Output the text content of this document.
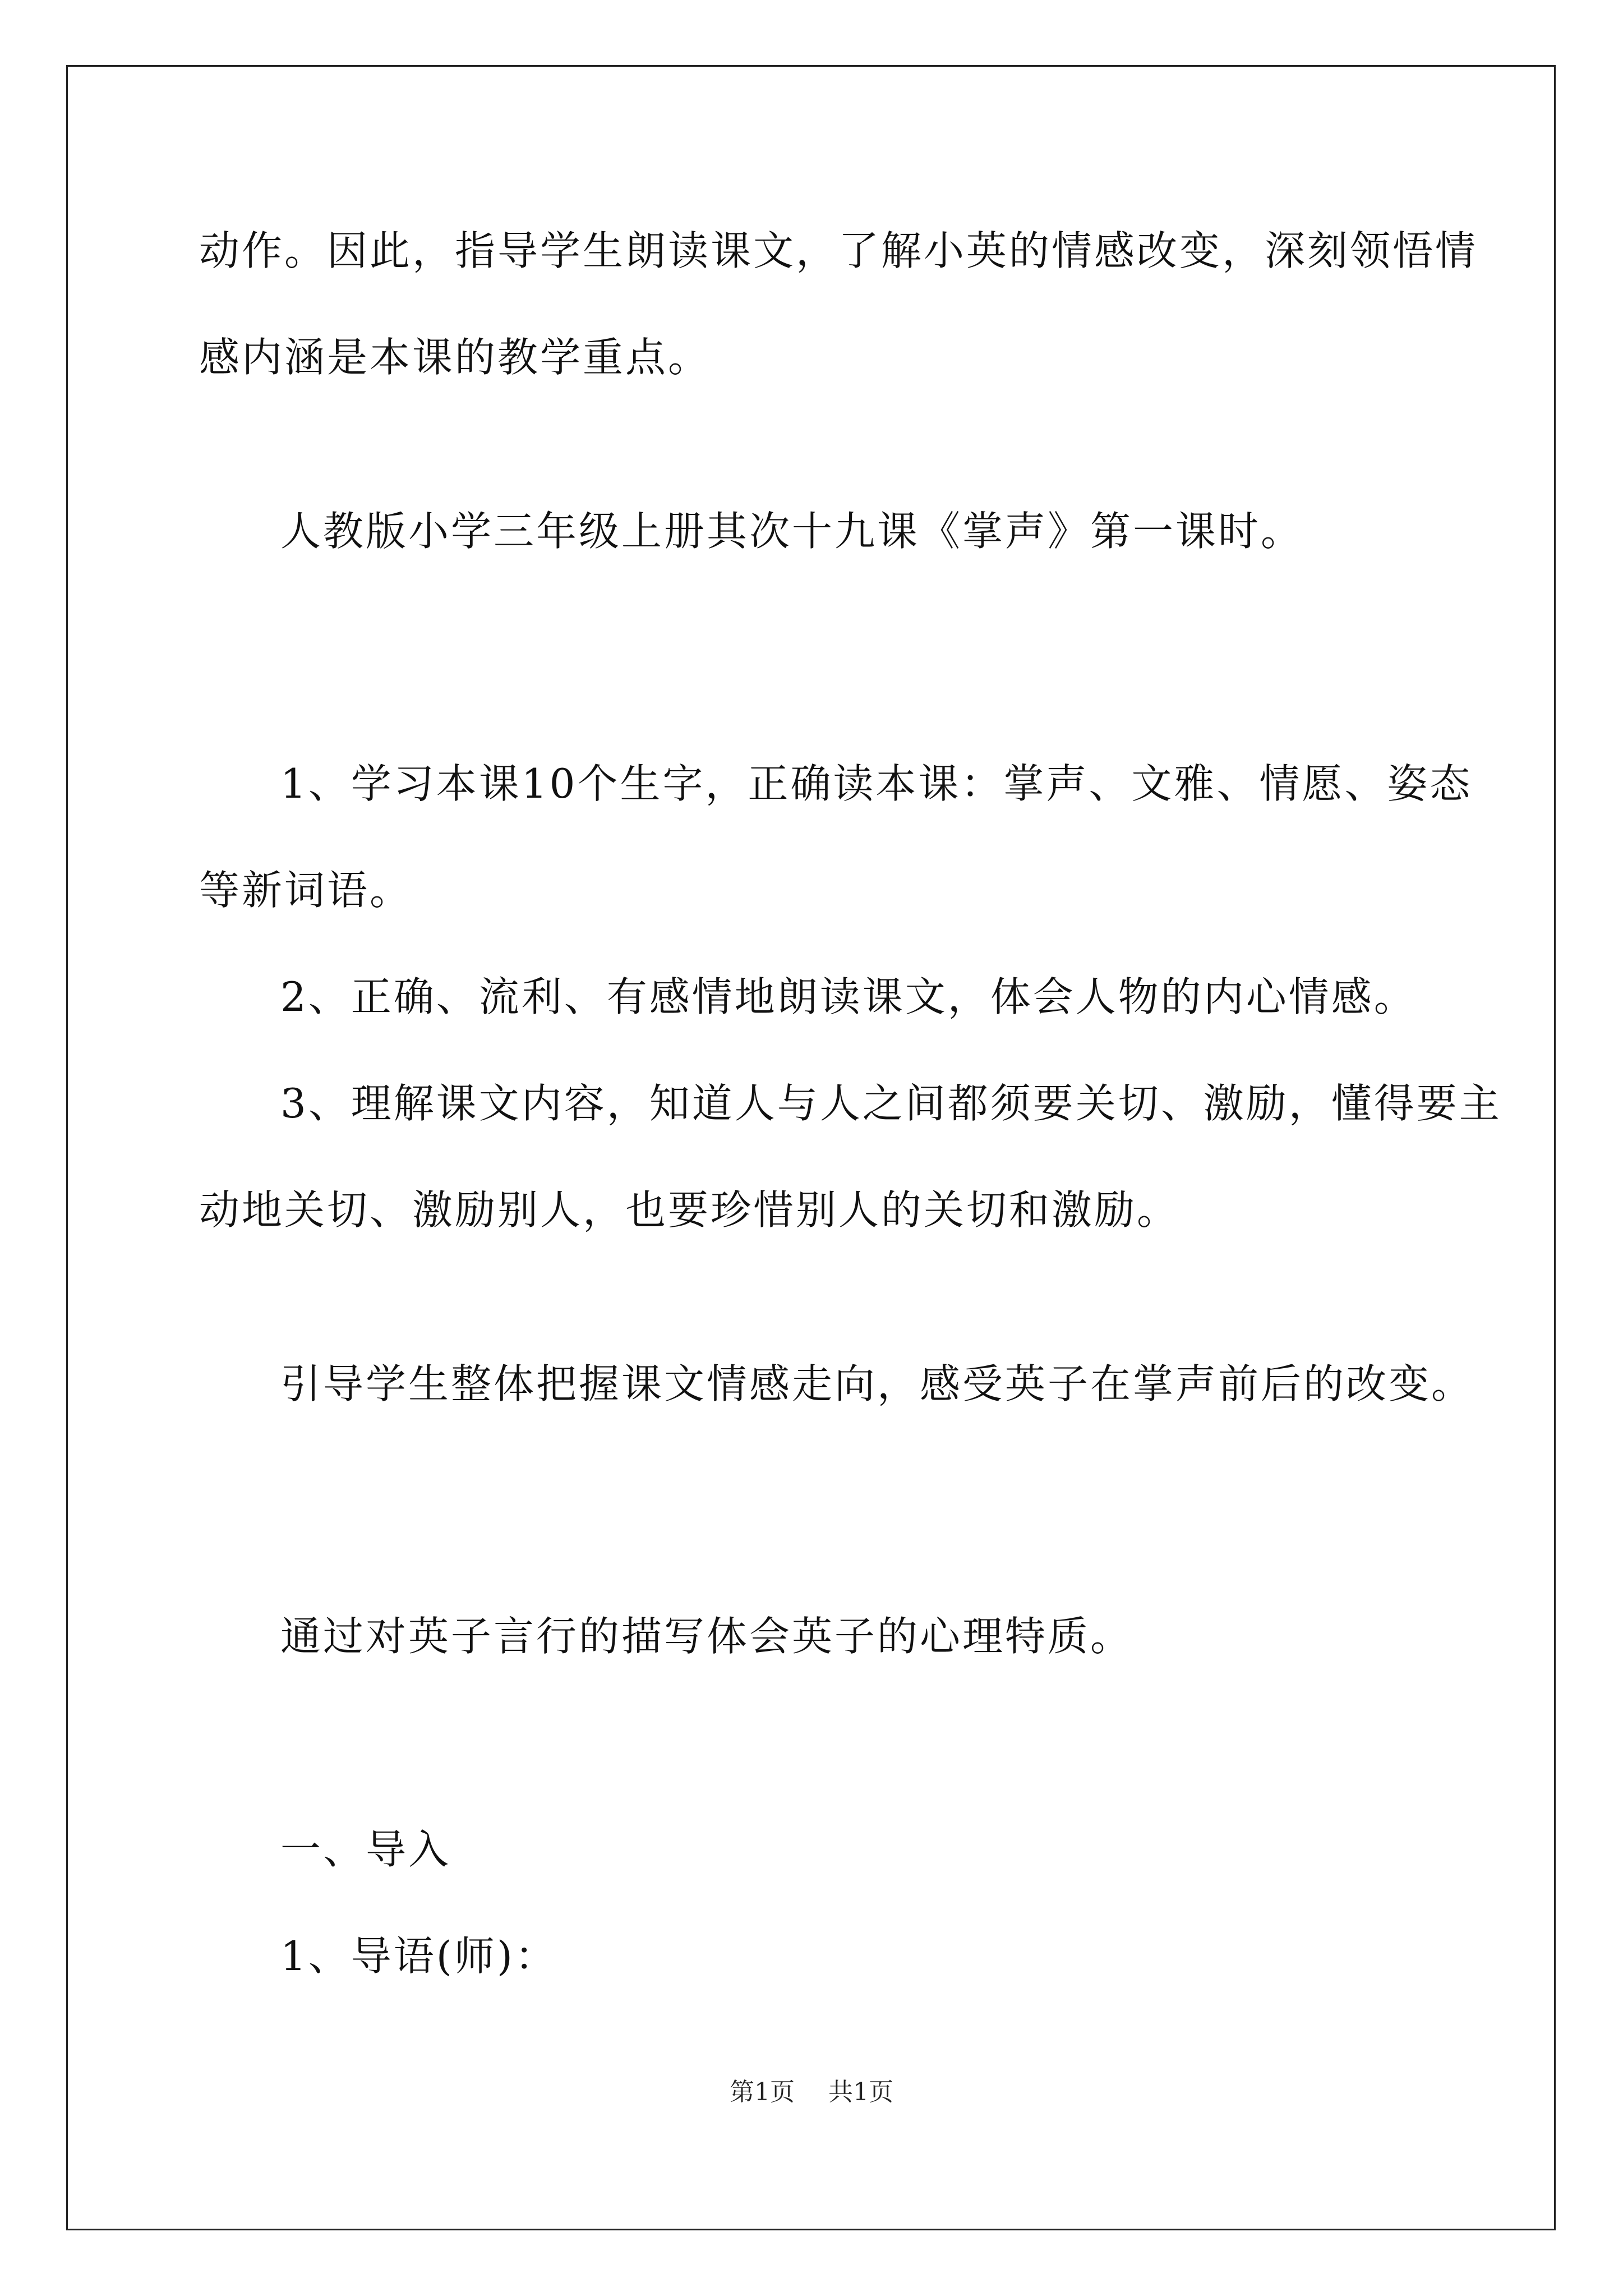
动作。因此，指导学生朗读课文，了解小英的情感改变，深刻领悟情

感内涵是本课的教学重点。

人教版小学三年级上册其次十九课《掌声》第一课时。

1、学习本课10个生字，正确读本课：掌声、文雅、情愿、姿态

等新词语。

2、正确、流利、有感情地朗读课文，体会人物的内心情感。

3、理解课文内容，知道人与人之间都须要关切、激励，懂得要主

动地关切、激励别人，也要珍惜别人的关切和激励。

引导学生整体把握课文情感走向，感受英子在掌声前后的改变。

通过对英子言行的描写体会英子的心理特质。

一、导入

1、导语(师)：

第1页 共1页
